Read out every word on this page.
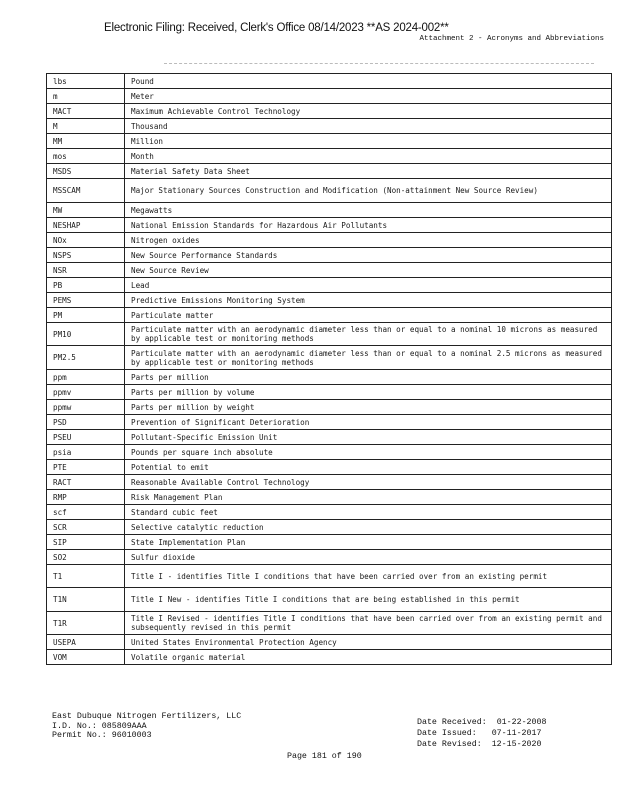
Electronic Filing: Received, Clerk's Office 08/14/2023 **AS 2024-002**
Attachment 2 - Acronyms and Abbreviations
lbs	Pound
m	Meter
MACT	Maximum Achievable Control Technology
M	Thousand
MM	Million
mos	Month
MSDS	Material Safety Data Sheet
MSSCAM	Major Stationary Sources Construction and Modification (Non-attainment New Source Review)
MW	Megawatts
NESHAP	National Emission Standards for Hazardous Air Pollutants
NOx	Nitrogen oxides
NSPS	New Source Performance Standards
NSR	New Source Review
PB	Lead
PEMS	Predictive Emissions Monitoring System
PM	Particulate matter
PM10	Particulate matter with an aerodynamic diameter less than or equal to a nominal 10 microns as measured by applicable test or monitoring methods
PM2.5	Particulate matter with an aerodynamic diameter less than or equal to a nominal 2.5 microns as measured by applicable test or monitoring methods
ppm	Parts per million
ppmv	Parts per million by volume
ppmw	Parts per million by weight
PSD	Prevention of Significant Deterioration
PSEU	Pollutant-Specific Emission Unit
psia	Pounds per square inch absolute
PTE	Potential to emit
RACT	Reasonable Available Control Technology
RMP	Risk Management Plan
scf	Standard cubic feet
SCR	Selective catalytic reduction
SIP	State Implementation Plan
SO2	Sulfur dioxide
T1	Title I - identifies Title I conditions that have been carried over from an existing permit
T1N	Title I New - identifies Title I conditions that are being established in this permit
T1R	Title I Revised - identifies Title I conditions that have been carried over from an existing permit and subsequently revised in this permit
USEPA	United States Environmental Protection Agency
VOM	Volatile organic material
East Dubuque Nitrogen Fertilizers, LLC
I.D. No.: 085809AAA
Permit No.: 96010003
Date Received: 01-22-2008
Date Issued: 07-11-2017
Date Revised: 12-15-2020
Page 181 of 190
